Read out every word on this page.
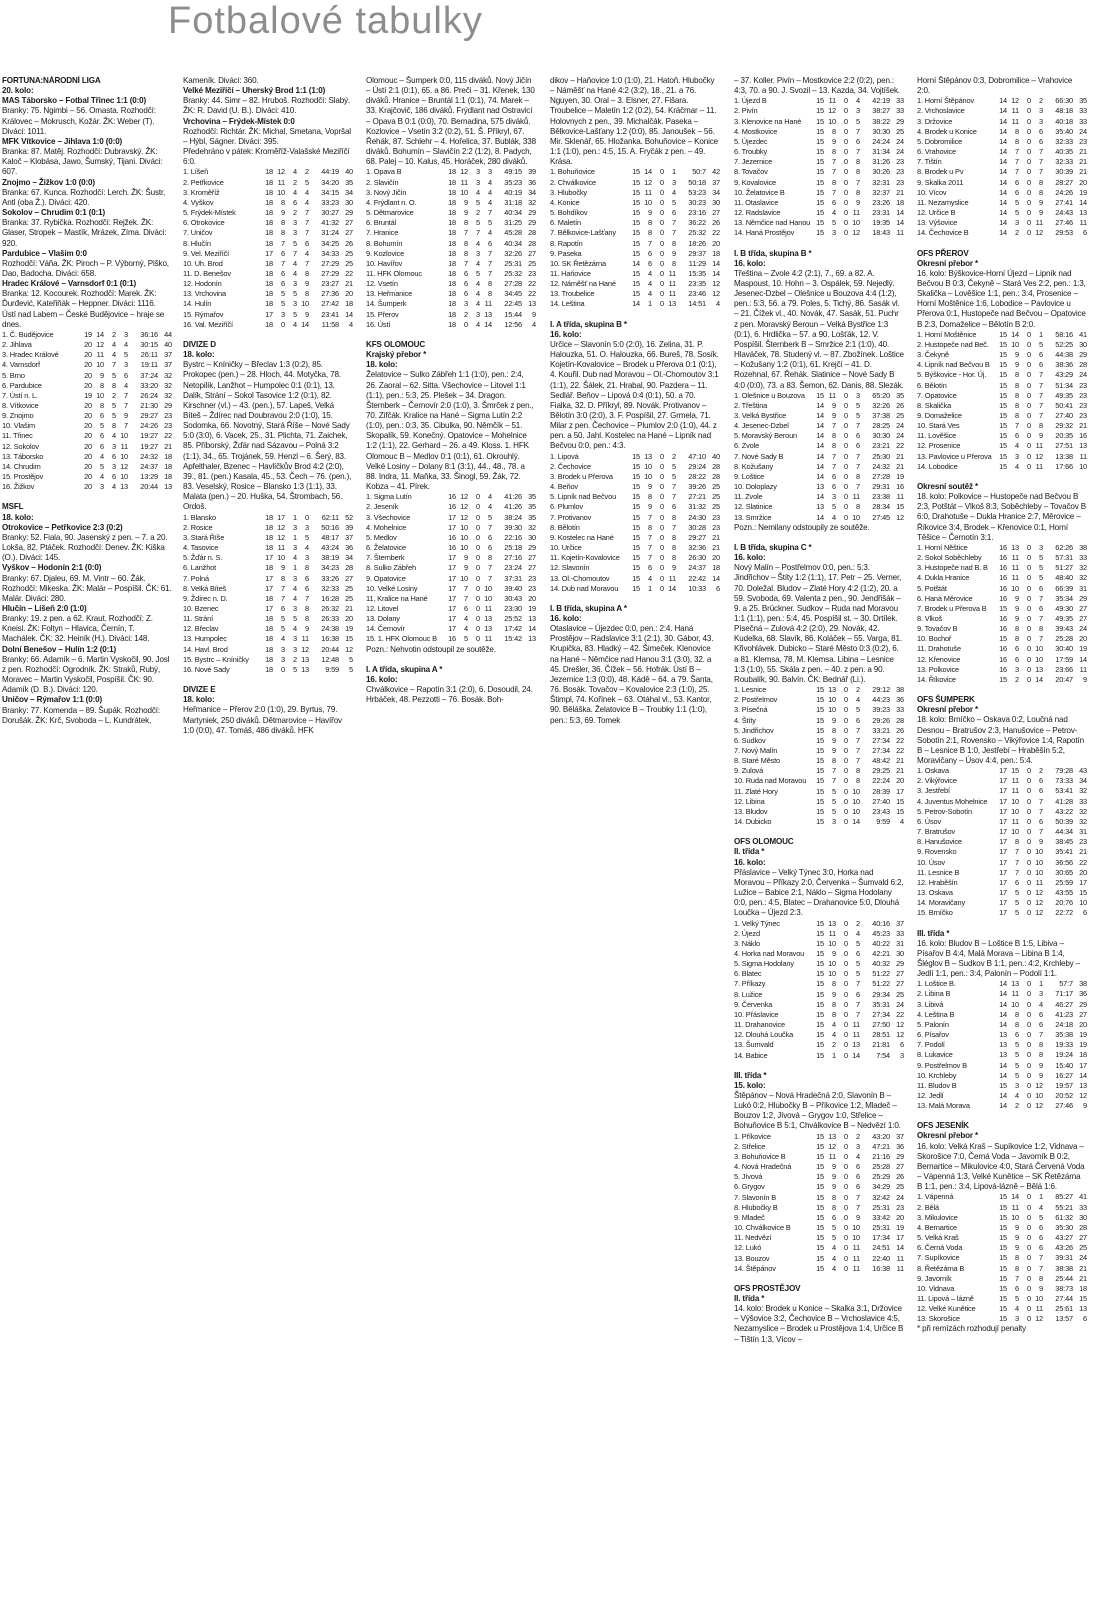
Fotbalové tabulky

FORTUNA:NÁRODNÍ LIGA

20. kolo:

MAS Táborsko – Fotbal Třinec 1:1 (0:0)

Branky: 75. Ngimbi – 56. Omasta. Rozhodčí: Královec – Mokrusch, Kožár. ŽK: Weber (T). Diváci: 1011.

MFK Vítkovice – Jihlava 1:0 (0:0)

Branka: 87. Matěj. Rozhodčí: Dubravský. ŽK: Kaloč – Klobása, Jawo, Šumský, Tijani. Diváci: 607.

Znojmo – Žižkov 1:0 (0:0)

Branka: 67. Kunca. Rozhodčí: Lerch. ŽK: Šustr, Antl (oba Ž.). Diváci: 420.

Sokolov – Chrudim 0:1 (0:1)

Branka: 37. Rybička. Rozhodčí: Rejžek. ŽK: Glaser, Stropek – Mastík, Mrázek, Zíma. Diváci: 920.

Pardubice – Vlašim 0:0

Rozhodčí: Váňa. ŽK: Piroch – P. Výborný, Piško, Dao, Badocha. Diváci: 658.

Hradec Králové – Varnsdorf 0:1 (0:1)

Branka: 12. Kocourek. Rozhodčí: Marek. ŽK: Ďurđević, Kateřiňák – Heppner. Diváci: 1116.

Ústí nad Labem – České Budějovice – hraje se dnes.

1. Č. Budějovice	19	14	2	3	36:16	44
2. Jihlava	20	12	4	4	30:15	40
3. Hradec Králové	20	11	4	5	26:11	37
4. Varnsdorf	20	10	7	3	19:11	37
5. Brno	20	9	5	6	37:24	32
6. Pardubice	20	8	8	4	33:20	32
7. Ústí n. L.	19	10	2	7	26:24	32
8. Vítkovice	20	8	5	7	21:30	29
9. Znojmo	20	6	5	9	29:27	23
10. Vlašim	20	5	8	7	24:26	23
11. Třinec	20	6	4	10	19:27	22
12. Sokolov	20	6	3	11	19:27	21
13. Táborsko	20	4	6	10	24:32	18
14. Chrudim	20	5	3	12	24:37	18
15. Prostějov	20	4	6	10	13:29	18
16. Žižkov	20	3	4	13	20:44	13

MSFL

18. kolo:

Otrokovice – Petřkovice 2:3 (0:2)

Branky: 52. Fiala, 90. Jasenský z pen. – 7. a 20. Lokša, 82. Ptáček. Rozhodčí: Denev. ŽK: Kiška (O.). Diváci: 145.

Vyškov – Hodonín 2:1 (0:0)

Branky: 67. Djaleu, 69. M. Vintr – 60. Žák. Rozhodčí: Mikeska. ŽK: Malár – Pospíšil. ČK: 61. Malár. Diváci: 280.

Hlučín – Líšeň 2:0 (1:0)

Branky: 19. z pen. a 62. Kraut. Rozhodčí: Z. Kneisl. ŽK: Foltyn – Hlavica, Černín, T. Machálek. ČK: 32. Heiník (H.). Diváci: 148.

Dolní Benešov – Hulín 1:2 (0:1)

Branky: 66. Adamík – 6. Martin Vyskočil, 90. Josl z pen. Rozhodčí: Ogrodník. ŽK: Straků, Rubý, Moravec – Martin Vyskočil, Pospíšil. ČK: 90. Adamík (D. B.). Diváci: 120.

Uničov – Rýmařov 1:1 (0:0)

Branky: 77. Komenda – 89. Šupák. Rozhodčí: Dorušák. ŽK: Krč, Svoboda – L. Kundrátek,

Kameník. Diváci: 360.

Velké Meziříčí – Uherský Brod 1:1 (1:0)

Branky: 44. Simr – 82. Hruboš. Rozhodčí: Slabý. ŽK: R. David (U. B.). Diváci: 410.

Vrchovina – Frýdek-Místek 0:0

Rozhodčí: Richtár. ŽK: Michal, Smetana, Vopršal – Hýbl, Ságner. Diváci: 395.

Předehráno v pátek: Kroměříž-Valašské Meziříčí 6:0.

1. Líšeň	18	12	4	2	44:19	40
2. Petřkovice	18	11	2	5	34:20	35
3. Kroměříž	18	10	4	4	34:15	34
4. Vyškov	18	8	6	4	33:23	30
5. Frýdek-Místek	18	9	2	7	30:27	29
6. Otrokovice	18	8	3	7	41:32	27
7. Uničov	18	8	3	7	31:24	27
8. Hlučín	18	7	5	6	34:25	26
9. Vel. Meziříčí	17	6	7	4	34:33	25
10. Uh. Brod	18	7	4	7	27:29	25
11. D. Benešov	18	6	4	8	27:29	22
12. Hodonín	18	6	3	9	23:27	21
13. Vrchovina	18	5	5	8	27:36	20
14. Hulín	18	5	3	10	27:42	18
15. Rýmařov	17	3	5	9	23:41	14
16. Val. Meziříčí	18	0	4	14	11:58	4

DIVIZE D

18. kolo:

Bystrc – Kníničky – Břeclav 1:3 (0:2), 85. Prokopec (pen.) – 28. Hloch, 44. Motyčka, 78. Netopilík, Lanžhot – Humpolec 0:1 (0:1), 13. Dalík, Strání – Sokol Tasovice 1:2 (0:1), 82. Kirschner (vl.) – 43. (pen.), 57. Lapeš, Velká Bíteš – Ždírec nad Doubravou 2:0 (1:0), 15. Sodomka, 66. Novotný, Stará Říše – Nové Sady 5:0 (3:0), 6. Vacek, 25., 31. Plichta, 71. Zaichek, 85. Příborský, Žďár nad Sázavou – Polná 3:2 (1:1), 34., 65. Trojánek, 59. Henzl – 6. Šerý, 83. Apfelthaler, Bzenec – Havlíčkův Brod 4:2 (2:0), 39., 81. (pen.) Kasala, 45., 53. Čech – 76. (pen.), 83. Veselský, Rosice – Blansko 1:3 (1:1), 33. Malata (pen.) – 20. Huška, 54. Štrombach, 56. Ordoš.

1. Blansko	18	17	1	0	62:11	52
2. Rosice	18	12	3	3	50:16	39
3. Stará Říše	18	12	1	5	48:17	37
4. Tasovice	18	11	3	4	43:24	36
5. Žďár n. S.	17	10	4	3	38:19	34
6. Lanžhot	18	9	1	8	34:23	28
7. Polná	17	8	3	6	33:26	27
8. Velká Bíteš	17	7	4	6	32:33	25
9. Ždírec n. D.	18	7	4	7	16:28	25
10. Bzenec	17	6	3	8	26:32	21
11. Strání	18	5	5	8	26:33	20
12. Břeclav	18	5	4	9	24:38	19
13. Humpolec	18	4	3	11	16:38	15
14. Havl. Brod	18	3	3	12	20:44	12
15. Bystrc – Kníničky	18	3	2	13	12:48	5
16. Nové Sady	18	0	5	13	9:59	5

DIVIZE E

18. kolo:

Heřmanice – Přerov 2:0 (1:0), 29. Byrtus, 79. Martyniek, 250 diváků. Dětmarovice – Havířov 1:0 (0:0), 47. Tomáš, 486 diváků. HFK

Olomouc – Šumperk 0:0, 115 diváků. Nový Jičín – Ústí 2:1 (0:1), 65. a 86. Preči – 31. Křenek, 130 diváků. Hranice – Bruntál 1:1 (0:1), 74. Marek – 33. Krajčovič, 186 diváků. Frýdlant nad Ostravicí – Opava B 0:1 (0:0), 70. Bernadina, 575 diváků. Kozlovice – Vsetín 3:2 (0:2), 51. Š. Příkryl, 67. Řehák, 87. Schlehr – 4. Hořelica, 37. Bublák, 338 diváků. Bohumín – Slavičín 2:2 (1:2), 8. Padych, 68. Palej – 10. Kalus, 45. Horáček, 280 diváků.

1. Opava B	18	12	3	3	49:15	39
2. Slavičín	18	11	3	4	35:23	36
3. Nový Jičín	18	10	4	4	40:19	34
4. Frýdlant n. O.	18	9	5	4	31:18	32
5. Dětmarovice	18	9	2	7	40:34	29
6. Bruntál	18	8	5	5	31:25	29
7. Hranice	18	7	7	4	45:28	28
8. Bohumín	18	8	4	6	40:34	28
9. Kozlovice	18	8	3	7	32:26	27
10. Havířov	18	7	4	7	25:31	25
11. HFK Olomouc	18	6	5	7	25:32	23
12. Vsetín	18	6	4	8	27:28	22
13. Heřmanice	18	6	4	8	34:45	22
14. Šumperk	18	3	4	11	22:45	13
15. Přerov	18	2	3	13	15:44	9
16. Ústí	18	0	4	14	12:56	4

KFS OLOMOUC

Krajský přebor *

18. kolo:

Želatovice – Sulko Zábřeh 1:1 (1:0), pen.: 2:4, 26. Zaoral – 62. Sitta. Všechovice – Litovel 1:1 (1:1), pen.: 5:3, 25. Plešek – 34. Dragon. Šternberk – Černovír 2:0 (1:0), 3. Šmrček z pen., 70. Zifčák. Kralice na Hané – Sigma Lutín 2:2 (1:0), pen.: 0:3, 35. Cibulka, 90. Němčík – 51. Skopalík, 59. Konečný. Opatovice – Mohelnice 1:2 (1:1), 22. Gerhard – 26. a 49. Kloss. 1. HFK Olomouc B – Medlov 0:1 (0:1), 61. Okrouhlý. Velké Losiny – Dolany 8:1 (3:1), 44., 48., 78. a 88. Indra, 11. Maňka, 33. Šinogl, 59. Žák, 72. Kobza – 41. Pírek.

1. Sigma Lutín	16	12	0	4	41:26	35
2. Jeseník	16	12	0	4	41:26	35
3. Všechovice	17	12	0	5	38:24	35
4. Mohelnice	17	10	0	7	39:30	32
5. Medlov	16	10	0	6	22:16	30
6. Želatovice	16	10	0	6	25:18	29
7. Šternberk	17	9	0	8	27:16	27
8. Sulko Zábřeh	17	9	0	7	23:24	27
9. Opatovice	17	10	0	7	37:31	23
10. Velké Losiny	17	7	0	10	39:40	23
11. Kralice na Hané	17	7	0	10	30:43	20
12. Litovel	17	6	0	11	23:30	19
13. Dolany	17	4	0	13	25:52	13
14. Černovír	17	4	0	13	17:42	14
15. 1. HFK Olomouc B	16	5	0	11	15:42	13

Pozn.: Nehvotin odstoupil ze soutěže.

I. A třída, skupina A *

16. kolo:

Chválkovice – Rapotín 3:1 (2:0), 6. Dosoudil, 24. Hrbáček, 48. Pezzotti – 76. Bosák. Boh-

dikov – Haňovice 1:0 (1:0), 21. Hatoň. Hlubočky – Náměšť na Hané 4:2 (3:2), 18., 21. a 76. Nguyen, 30. Oral – 3. Elsner, 27. Fišara. Troubelice – Maletín 1:2 (0:2), 54. Kráčmar – 11. Holovnych z pen., 39. Michalčák. Paseka – Bělkovice-Lašťany 1:2 (0:0), 85. Janoušek – 56. Mir. Sklenář, 65. Hložanka. Bohuňovice – Konice 1:1 (1:0), pen.: 4:5, 15. A. Fryčák z pen. – 49. Krása.

1. Bohuňovice	15	14	0	1	50:7	42
2. Chválkovice	15	12	0	3	50:18	37
3. Hlubočky	15	11	0	4	53:23	34
4. Konice	15	10	0	5	30:23	30
5. Bohdíkov	15	9	0	6	23:16	27
6. Maletín	15	8	0	7	36:22	26
7. Bělkovice-Lašťany	15	8	0	7	25:32	22
8. Rapotín	15	7	0	8	18:26	20
9. Paseka	15	6	0	9	29:37	18
10. SK Řetězárna	14	6	0	8	11:29	14
11. Haňovice	15	4	0	11	15:35	14
12. Náměšť na Hané	15	4	0	11	23:35	12
13. Troubelice	15	4	0	11	23:46	12
14. Leština	14	1	0	13	14:51	4

I. A třída, skupina B *

16. kolo:

Určice – Slavonín 5:0 (2:0), 16. Zelina, 31. P. Halouzka, 51. O. Halouzka, 66. Bureš, 78. Sosík. Kojetín-Kovalovice – Brodek u Přerova 0:1 (0:1), 4. Kouřil. Dub nad Moravou – Ol.-Chomoutov 3:1 (1:1), 22. Šálek, 21. Hrabal, 90. Pazdera – 11. Sedlář. Beňov – Lipová 0:4 (0:1), 50. a 70. Fialka, 32. D. Příkryl, 89. Novák. Protivanov – Bělotín 3:0 (2:0), 3. F. Pospíšil, 27. Grmela, 71. Milar z pen. Čechovice – Plumlov 2:0 (1:0), 44. z pen. a 50. Jahl. Kostelec na Hané – Lipník nad Bečvou 0:0, pen.: 4:3.

1. Lipová	15	13	0	2	47:10	40
2. Čechovice	15	10	0	5	29:24	28
3. Brodek u Přerova	15	10	0	5	28:22	28
4. Beňov	15	9	0	7	39:26	25
5. Lipník nad Bečvou	15	8	0	7	27:21	25
6. Plumlov	15	9	0	6	31:32	25
7. Protivanov	15	7	0	8	24:30	23
8. Bělotín	15	8	0	7	30:28	23
9. Kostelec na Hané	15	7	0	8	29:27	21
10. Určice	15	7	0	8	32:36	21
11. Kojetín-Kovalovice	15	7	0	8	26:30	20
12. Slavonín	15	6	0	9	24:37	18
13. Ol.-Chomoutov	15	4	0	11	22:42	14
14. Dub nad Moravou	15	1	0	14	10:33	6

I. B třída, skupina A *

16. kolo:

Otaslavice – Újezdec 0:0, pen.: 2:4. Haná Prostějov – Radslavice 3:1 (2:1), 30. Gábor, 43. Krupička, 83. Hladký – 42. Šimeček. Klenovice na Hané – Němčice nad Hanou 3:1 (3:0), 32. a 45. Drešler, 36. Čížek – 56. Hofrák. Ústí B – Jezernice 1:3 (0:0), 48. Kádě – 64. a 79. Šanta, 76. Bosák. Tovačov – Kovalovice 2:3 (1:0), 25. Štimpl, 74. Kořínek – 63. Otáhal vl., 53. Kantor, 90. Běláška. Želatovice B – Troubky 1:1 (1:0), pen.: 5:3, 69. Tomek

– 37. Koller. Pivín – Mostkovice 2:2 (0:2), pen.: 4:3, 70. a 90. J. Svozil – 13. Kazda, 34. Vojtíšek.

1. Újezd B	15	11	0	4	42:19	33
2. Pivín	15	12	0	3	38:27	33
3. Klenovice na Hané	15	10	0	5	38:22	29
4. Mostkovice	15	8	0	7	30:30	25
5. Újezdec	15	9	0	6	24:24	24
6. Troubky	15	8	0	7	31:34	24
7. Jezernice	15	7	0	8	31:26	23
8. Tovačov	15	7	0	8	30:26	23
9. Kovalovice	15	8	0	7	32:31	23
10. Želatovice B	15	7	0	8	32:37	21
11. Otaslavice	15	6	0	9	23:26	18
12. Radslavice	15	4	0	11	23:31	14
13. Němčice nad Hanou	15	5	0	10	19:35	14
14. Haná Prostějov	15	3	0	12	18:43	11

I. B třída, skupina B *

16. kolo:

Třeština – Zvole 4:2 (2:1), 7., 69. a 82. A. Maspoust, 10. Hohn – 3. Ospálek, 59. Nejedlý. Jesenec-Dzbel – Olešnice u Bouzova 4:4 (1:2), pen.: 5:3, 56. a 79. Poles, 5. Tichý, 86. Sasák vl. – 21. Čížek vl., 40. Novák, 47. Sasák, 51. Puchr z pen. Moravský Beroun – Velká Bystřice 1:3 (0:1), 6. Hrdlička – 57. a 90. Lošťák, 12. V. Pospíšil. Šternberk B – Smržice 2:1 (1:0), 40. Hlaváček, 78. Studený vl. – 87. Zbožínek. Loštice – Kožušany 1:2 (0:1), 61. Krejčí – 41. D. Rozehnal, 67. Řehák. Slatinice – Nové Sady B 4:0 (0:0), 73. a 83. Šemon, 62. Danis, 88. Slezák.

1. Olešnice u Bouzova	15	11	0	3	65:20	35
2. Třeština	14	9	0	5	32:26	26
3. Velká Bystřice	14	9	0	5	37:38	25
4. Jesenec-Dzbel	14	7	0	7	28:25	24
5. Moravský Beroun	14	8	0	6	30:30	24
6. Zvole	14	8	0	6	23:21	22
7. Nové Sady B	14	7	0	7	25:30	21
8. Kožušany	14	7	0	7	24:32	21
9. Loštice	14	6	0	8	27:28	19
10. Doloplazy	13	6	0	7	29:31	16
11. Zvole	14	3	0	11	23:38	11
12. Slatinice	13	5	0	8	28:34	15
13. Smržice	14	4	0	10	27:45	12

Pozn.: Nemilany odstoupily ze soutěže.

I. B třída, skupina C *

16. kolo:

Nový Malín – Postřelmov 0:0, pen.: 5:3. Jindřichov – Štíty 1:2 (1:1), 17. Petr – 25. Verner, 70. Doležal. Bludov – Zlaté Hory 4:2 (1:2), 20. a 59. Svoboda, 69. Valenta z pen., 90. Jendřišák – 9. a 25. Brückner. Sudkov – Ruda nad Moravou 1:1 (1:1), pen.: 5:4, 45. Pospíšil st. – 30. Drtílek. Písečná – Zulová 4:2 (2:0), 29. Novák, 42. Kudelka, 68. Slavík, 86. Koláček – 55. Varga, 81. Křivohlávek. Dubicko – Staré Město 0:3 (0:2), 6. a 81. Klemsa, 78. M. Klemsa. Libina – Lesnice 1:3 (1:0), 55. Skála z pen. – 40. z pen. a 90. Roubalík, 90. Balvín. ČK: Bednář (Li.).

1. Lesnice	15	13	0	2	29:12	38
2. Postřelmov	15	10	0	4	44:23	36
3. Písečná	15	10	0	5	39:23	33
4. Štíty	15	9	0	6	29:26	28
5. Jindřichov	15	8	0	7	33:21	26
6. Sudkov	15	9	0	7	27:34	22
7. Nový Malín	15	9	0	7	27:34	22
8. Staré Město	15	8	0	7	48:42	21
9. Zulová	15	7	0	8	29:25	21
10. Ruda nad Moravou	15	7	0	8	22:24	20
11. Zlaté Hory	15	5	0	10	28:39	17
12. Libina	15	5	0	10	27:40	15
13. Bludov	15	5	0	10	23:43	15
14. Dubicko	15	3	0	14	9:59	4

OFS OLOMOUC

II. třída *

16. kolo:

Přáslavice – Velký Týnec 3:0, Horka nad Moravou – Příkazy 2:0, Červenka – Šumvald 6:2, Lužice – Babice 2:1, Náklo – Sigma Hodolany 0:0, pen.: 4:5, Blatec – Drahanovice 5:0, Dlouhá Loučka – Újezd 2:3.

1. Velký Týnec	15	13	0	2	40:16	37
2. Újezd	15	11	0	4	45:23	33
3. Náklo	15	10	0	5	40:22	31
4. Horka nad Moravou	15	9	0	6	42:21	30
5. Sigma Hodolany	15	10	0	5	40:32	29
6. Blatec	15	10	0	5	51:22	27
7. Příkazy	15	8	0	7	51:22	27
8. Lužice	15	9	0	6	29:34	25
9. Červenka	15	8	0	7	35:31	24
10. Přáslavice	15	8	0	7	27:34	22
11. Drahanovice	15	4	0	11	27:50	12
12. Dlouhá Loučka	15	4	0	11	28:51	12
13. Šumvald	15	2	0	13	21:81	6
14. Babice	15	1	0	14	7:54	3

III. třída *

15. kolo:

Štěpánov – Nová Hradečná 2:0, Slavonín B – Lukó 0:2, Hlubočky B – Příkovice 1:2, Mladeč – Bouzov 1:2, Jívová – Grygov 1:0, Střelice – Bohuňovice B 5:1, Chválkovice B – Nedvězí 1:0.

1. Příkovice	15	13	0	2	43:20	37
2. Střelice	15	12	0	3	47:21	36
3. Bohuňovice B	15	11	0	4	21:16	29
4. Nová Hradečná	15	9	0	6	25:28	27
5. Jívová	15	9	0	6	25:29	26
6. Grygov	15	9	0	6	34:29	25
7. Slavonín B	15	8	0	7	32:42	24
8. Hlubočky B	15	8	0	7	25:31	23
9. Mladeč	15	6	0	9	33:42	20
10. Chválkovice B	15	5	0	10	25:31	19
11. Nedvězí	15	5	0	10	17:34	17
12. Lukó	15	4	0	11	24:51	14
13. Bouzov	15	4	0	11	22:40	11
14. Štěpánov	15	4	0	11	16:38	11

OFS PROSTĚJOV

II. třída *

14. kolo: Brodek u Konice – Skalka 3:1, Držovice – Výšovice 3:2, Čechovice B – Vrchoslavice 4:5, Nezamyslice – Brodek u Prostějova 1:4, Určice B – Tištín 1:3, Vícov –

Horní Štěpánov 0:3, Dobromilice – Vrahovice 2:0.

1. Horní Štěpánov	14	12	0	2	66:30	35
2. Vrchoslavice	14	11	0	3	48:18	33
3. Držovice	14	11	0	3	40:18	33
4. Brodek u Konice	14	8	0	6	35:40	24
5. Dobromilice	14	8	0	6	32:33	23
6. Vrahovice	14	7	0	7	40:35	21
7. Tištín	14	7	0	7	32:33	21
8. Brodek u Pv	14	7	0	7	30:39	21
9. Skalka 2011	14	6	0	8	28:27	20
10. Vícov	14	6	0	8	24:26	19
11. Nezamyslice	14	5	0	9	27:41	14
12. Určice B	14	5	0	9	24:43	13
13. Výšovice	14	3	0	11	27:46	11
14. Čechovice B	14	2	0	12	29:53	6

OFS PŘEROV

Okresní přebor *

16. kolo: Býškovice-Horní Újezd – Lipník nad Bečvou B 0:3, Čekyně – Stará Ves 2:2, pen.: 1:3, Skalička – Lověšice 1:1, pen.: 3:4, Prosenice – Horní Moštěnice 1:6, Lobodice – Pavlovice u Přerova 0:1, Hustopeče nad Bečvou – Opatovice B 2:3, Domaželice – Bělotín B 2:0.

1. Horní Moštěnice	15	14	0	1	58:16	41
2. Hustopeče nad Beč.	15	10	0	5	52:25	30
3. Čekyně	15	9	0	6	44:38	29
4. Lipník nad Bečvou B	15	9	0	6	38:36	28
5. Býškovice - Hor. Új.	15	8	0	7	43:29	24
6. Bělotín	15	8	0	7	51:34	23
7. Opatovice	15	8	0	7	49:35	23
8. Skalička	15	8	0	7	50:41	23
9. Domaželice	15	8	0	7	27:40	23
10. Stará Ves	15	7	0	8	29:32	21
11. Lověšice	15	6	0	9	20:35	16
12. Prosenice	15	4	0	11	27:51	13
13. Pavlovice u Přerova	15	3	0	12	13:38	11
14. Lobodice	15	4	0	11	17:66	10

Okresní soutěž *

18. kolo: Polkovice – Hustopeče nad Bečvou B 2:3, Potštát – Vlkoš 8:3, Soběchleby – Tovačov B 6:0, Drahotuše – Dukla Hranice 2:7, Měrovice – Říkovice 3:4, Brodek – Křenovice 0:1, Horní Těšice – Černotín 3:1.

1. Horní Něštice	16	13	0	3	62:26	38
2. Sokol Soběchleby	16	11	0	5	57:31	33
3. Hustopeče nad B. B	16	11	0	5	51:27	32
4. Dukla Hranice	16	11	0	5	48:40	32
5. Potštát	16	10	0	6	66:39	31
6. Haná Měrovice	16	9	0	7	35:34	29
7. Brodek u Přerova B	15	9	0	6	49:30	27
8. Vlkoš	16	9	0	7	49:35	27
9. Tovačov B	16	8	0	8	39:43	24
10. Bochoř	15	8	0	7	25:28	20
11. Drahotuše	16	6	0	10	30:40	19
12. Křenovice	16	6	0	10	17:59	14
13. Polkovice	16	3	0	13	23:66	11
14. Říkovice	15	2	0	14	20:47	9

OFS ŠUMPERK

Okresní přebor *

18. kolo: Brníčko – Oskava 0:2, Loučná nad Desnou – Bratrušov 2:3, Hanušovice – Petrov-Sobotín 2:1, Rovensko – Vikýřovice 1:4, Rapotín B – Lesnice B 1:0, Jestřebí – Hraběšín 5:2, Moravičany – Úsov 4:4, pen.: 5:4.

1. Oskava	17	15	0	2	79:28	43
2. Vikýřovice	17	11	0	6	73:33	34
3. Jestřebí	17	11	0	6	53:41	32
4. Juventus Mohelnice	17	10	0	7	41:28	33
5. Petrov-Sobotín	17	10	0	7	43:22	32
6. Úsov	17	11	0	6	50:39	32
7. Bratrušov	17	10	0	7	44:34	31
8. Hanušovice	17	8	0	9	38:45	23
9. Rovensko	17	7	0	10	35:41	21
10. Úsov	17	7	0	10	36:56	22
11. Lesnice B	17	7	0	10	30:65	20
12. Hraběšín	17	6	0	11	25:59	17
13. Oskava	17	5	0	12	43:55	15
14. Moravičany	17	5	0	12	20:76	10
15. Brníčko	17	5	0	12	22:72	6

III. třída *

16. kolo: Bludov B – Loštice B 1:5, Libiva – Písařov B 4:4, Malá Morava – Libina B 1:4, Šléglov B – Sudkov B 1:1, pen.: 4:2, Krchleby – Jedlí 1:1, pen.: 3:4, Palonín – Podolí 1:1.

1. Loštice B.	14	13	0	1	57:7	38
2. Libina B	14	11	0	3	71:17	36
3. Libivá	14	10	0	4	46:27	29
4. Leština B	14	8	0	6	41:23	27
5. Palonín	14	8	0	6	24:18	20
6. Písařov	13	6	0	7	35:38	19
7. Podolí	13	5	0	8	19:33	19
8. Lukavice	13	5	0	8	19:24	18
9. Postřelmov B	14	5	0	9	15:40	17
10. Krchleby	14	5	0	9	16:27	14
11. Bludov B	15	3	0	12	19:57	13
12. Jedlí	14	4	0	10	20:52	12
13. Malá Morava	14	2	0	12	27:46	9

OFS JESENÍK

Okresní přebor *

16. kolo: Velká Kraš – Supíkovice 1:2, Vidnava – Skorošice 7:0, Černá Voda – Javorník B 0:2, Bernartice – Mikulovice 4:0, Stará Červená Voda – Vápenná 1:3, Velké Kunětice – SK Řetězárna B 1:1, pen.: 3:4, Lipová-lázně – Bělá 1:6.

1. Vápenná	15	14	0	1	85:27	41
2. Bělá	15	11	0	4	55:21	33
3. Mikulovice	15	10	0	5	61:32	30
4. Bernartice	15	9	0	6	35:30	28
5. Velká Kraš	15	9	0	6	43:27	27
6. Černá Voda	15	9	0	6	43:26	25
7. Supíkovice	15	8	0	7	39:31	24
8. Řetězárna B	15	8	0	7	38:38	21
9. Javorník	15	7	0	8	25:44	21
10. Vidnava	15	6	0	9	38:73	18
11. Lipová – lázně	15	5	0	10	27:44	15
12. Velké Kunětice	15	4	0	11	25:61	13
13. Skorošice	15	3	0	12	13:57	6

* při remízách rozhodují penalty
